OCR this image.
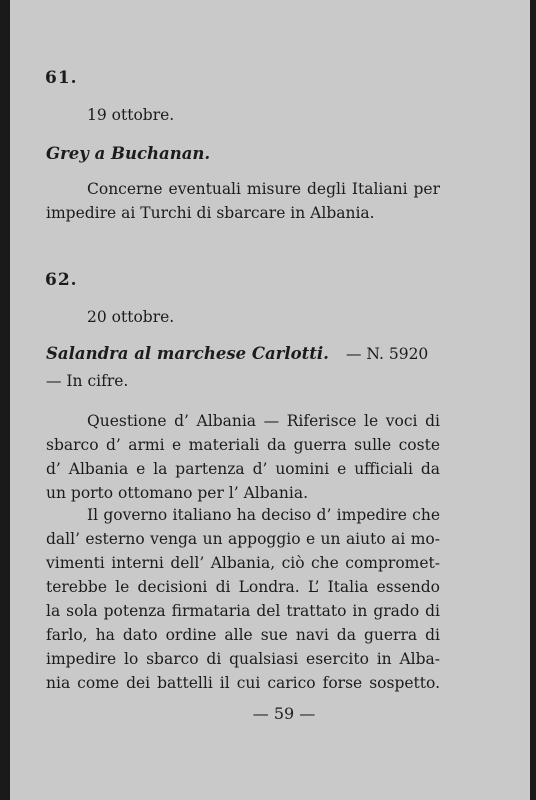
61.
19 ottobre.
Grey a Buchanan.
Concerne eventuali misure degli Italiani per
impedire ai Turchi di sbarcare in Albania.
62.
20 ottobre.
Salandra al marchese Carlotti. — N. 5920
— In cifre.
Questione d’ Albania — Riferisce le voci di
sbarco d’ armi e materiali da guerra sulle coste
d’ Albania e la partenza d’ uomini e ufficiali da
un porto ottomano per l’ Albania.
Il governo italiano ha deciso d’ impedire che
dall’ esterno venga un appoggio e un aiuto ai mo-
vimenti interni dell’ Albania, ciò che compromet-
terebbe le decisioni di Londra. L’ Italia essendo
la sola potenza firmataria del trattato in grado di
farlo, ha dato ordine alle sue navi da guerra di
impedire lo sbarco di qualsiasi esercito in Alba-
nia come dei battelli il cui carico forse sospetto.
— 59 —
